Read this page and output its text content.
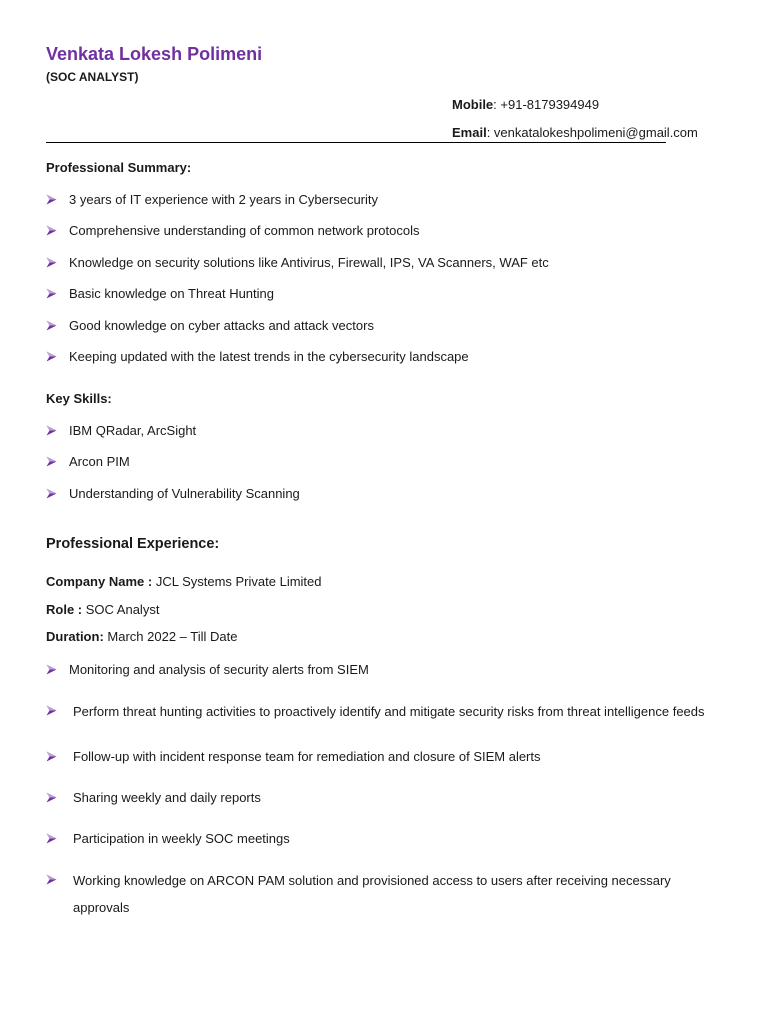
Venkata Lokesh Polimeni

(SOC ANALYST)

Mobile: +91-8179394949
Email: venkatalokeshpolimeni@gmail.com
Professional Summary:
3 years of IT experience with 2 years in Cybersecurity
Comprehensive understanding of common network protocols
Knowledge on security solutions like Antivirus, Firewall, IPS, VA Scanners, WAF etc
Basic knowledge on Threat Hunting
Good knowledge on cyber attacks and attack vectors
Keeping updated with the latest trends in the cybersecurity landscape
Key Skills:
IBM QRadar, ArcSight
Arcon PIM
Understanding of Vulnerability Scanning
Professional Experience:
Company Name : JCL Systems Private Limited
Role : SOC Analyst
Duration: March 2022 – Till Date
Monitoring and analysis of security alerts from SIEM
Perform threat hunting activities to proactively identify and mitigate security risks from threat intelligence feeds
Follow-up with incident response team for remediation and closure of SIEM alerts
Sharing weekly and daily reports
Participation in weekly SOC meetings
Working knowledge on ARCON PAM solution and provisioned access to users after receiving necessary approvals
